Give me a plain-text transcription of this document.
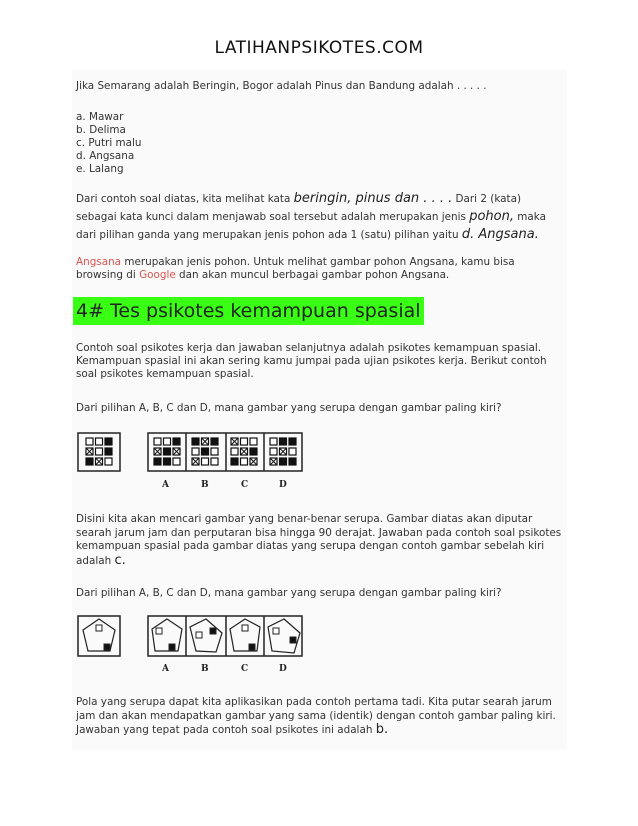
LATIHANPSIKOTES.COM
Jika Semarang adalah Beringin, Bogor adalah Pinus dan Bandung adalah . . . . .
a. Mawar
b. Delima
c. Putri malu
d. Angsana
e. Lalang
Dari contoh soal diatas, kita melihat kata beringin, pinus dan . . . . Dari 2 (kata) sebagai kata kunci dalam menjawab soal tersebut adalah merupakan jenis pohon, maka dari pilihan ganda yang merupakan jenis pohon ada 1 (satu) pilihan yaitu d. Angsana.
Angsana merupakan jenis pohon. Untuk melihat gambar pohon Angsana, kamu bisa browsing di Google dan akan muncul berbagai gambar pohon Angsana.
4# Tes psikotes kemampuan spasial
Contoh soal psikotes kerja dan jawaban selanjutnya adalah psikotes kemampuan spasial. Kemampuan spasial ini akan sering kamu jumpai pada ujian psikotes kerja. Berikut contoh soal psikotes kemampuan spasial.
Dari pilihan A, B, C dan D, mana gambar yang serupa dengan gambar paling kiri?
A	B	C	D
Disini kita akan mencari gambar yang benar-benar serupa. Gambar diatas akan diputar searah jarum jam dan perputaran bisa hingga 90 derajat. Jawaban pada contoh soal psikotes kemampuan spasial pada gambar diatas yang serupa dengan contoh gambar sebelah kiri adalah c.
Dari pilihan A, B, C dan D, mana gambar yang serupa dengan gambar paling kiri?
A	B	C	D
Pola yang serupa dapat kita aplikasikan pada contoh pertama tadi. Kita putar searah jarum jam dan akan mendapatkan gambar yang sama (identik) dengan contoh gambar paling kiri. Jawaban yang tepat pada contoh soal psikotes ini adalah b.
